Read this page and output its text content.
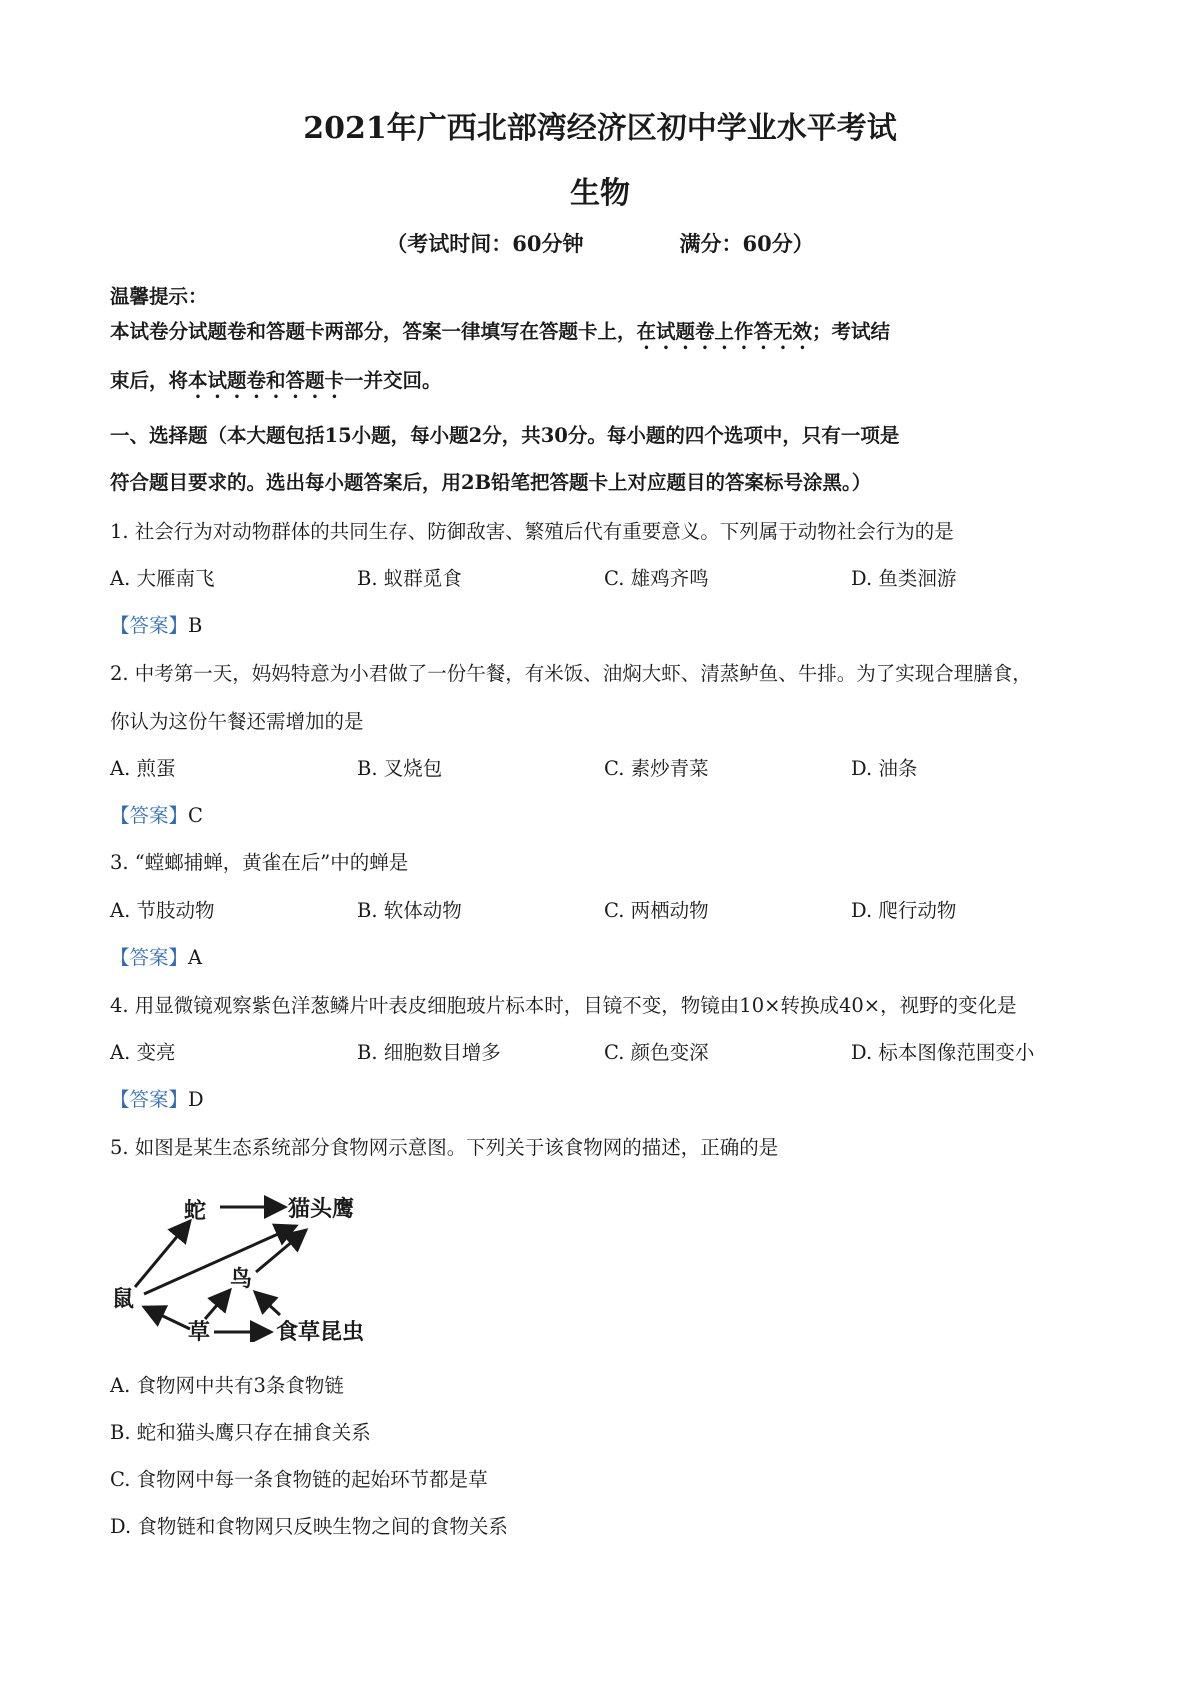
2021年广西北部湾经济区初中学业水平考试
生物
（考试时间：60分钟	满分：60分）
温馨提示：
本试卷分试题卷和答题卡两部分，答案一律填写在答题卡上，在试题卷上作答无效；考试结
束后，将本试题卷和答题卡一并交回。
一、选择题（本大题包括15小题，每小题2分，共30分。每小题的四个选项中，只有一项是
符合题目要求的。选出每小题答案后，用2B铅笔把答题卡上对应题目的答案标号涂黑。）
1. 社会行为对动物群体的共同生存、防御敌害、繁殖后代有重要意义。下列属于动物社会行为的是
A. 大雁南飞	B. 蚁群觅食	C. 雄鸡齐鸣	D. 鱼类洄游
【答案】B
2. 中考第一天，妈妈特意为小君做了一份午餐，有米饭、油焖大虾、清蒸鲈鱼、牛排。为了实现合理膳食，
你认为这份午餐还需增加的是
A. 煎蛋	B. 叉烧包	C. 素炒青菜	D. 油条
【答案】C
3. “螳螂捕蝉，黄雀在后”中的蝉是
A. 节肢动物	B. 软体动物	C. 两栖动物	D. 爬行动物
【答案】A
4. 用显微镜观察紫色洋葱鳞片叶表皮细胞玻片标本时，目镜不变，物镜由10×转换成40×，视野的变化是
A. 变亮	B. 细胞数目增多	C. 颜色变深	D. 标本图像范围变小
【答案】D
5. 如图是某生态系统部分食物网示意图。下列关于该食物网的描述，正确的是
蛇	猫头鹰
鼠
鸟
草	食草昆虫
A. 食物网中共有3条食物链
B. 蛇和猫头鹰只存在捕食关系
C. 食物网中每一条食物链的起始环节都是草
D. 食物链和食物网只反映生物之间的食物关系
